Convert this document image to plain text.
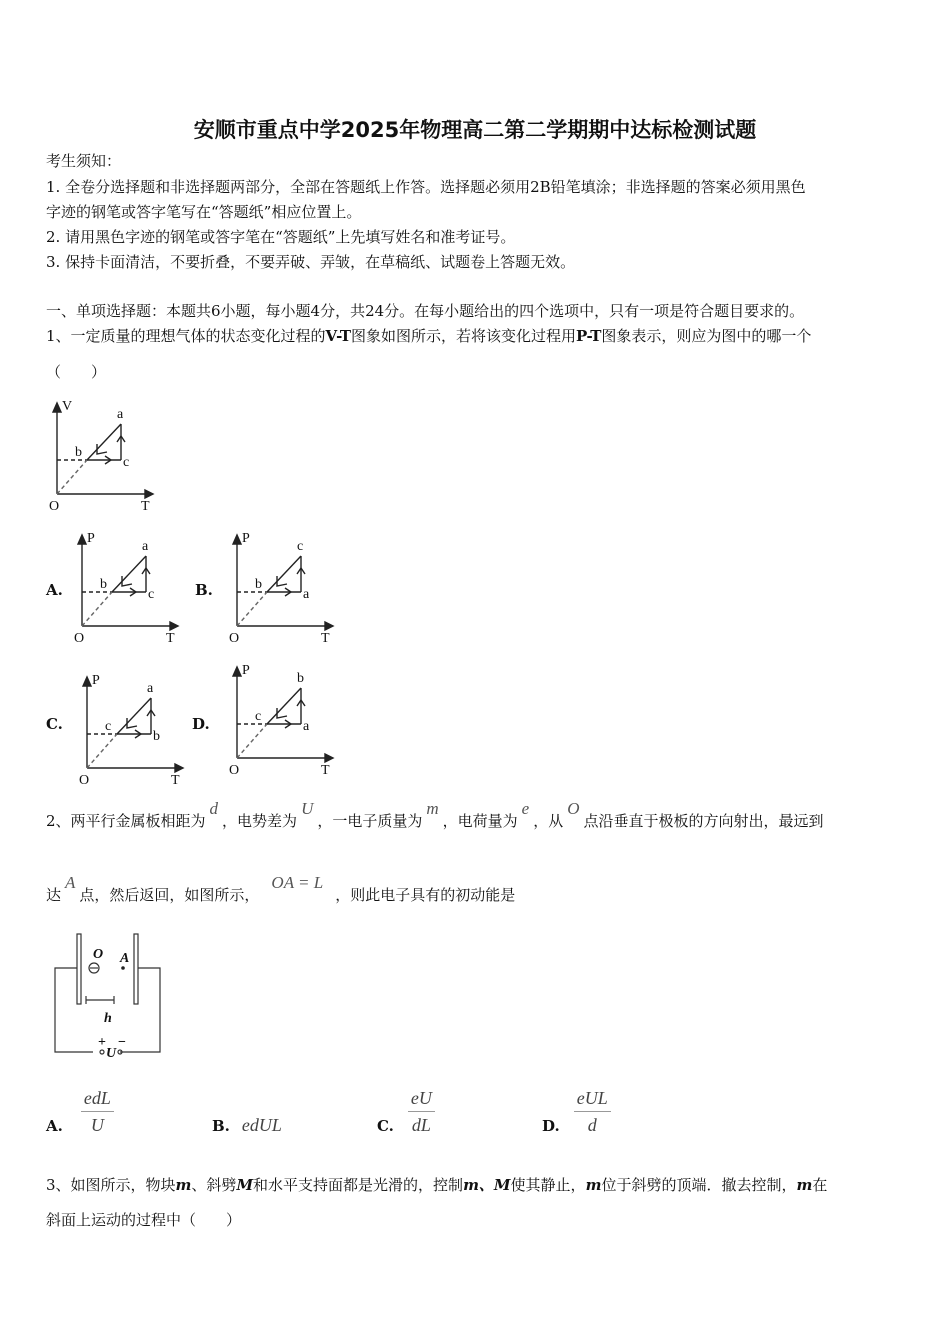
安顺市重点中学2025年物理高二第二学期期中达标检测试题
考生须知：
1. 全卷分选择题和非选择题两部分，全部在答题纸上作答。选择题必须用2B铅笔填涂；非选择题的答案必须用黑色
字迹的钢笔或答字笔写在“答题纸”相应位置上。
2. 请用黑色字迹的钢笔或答字笔在“答题纸”上先填写姓名和准考证号。
3. 保持卡面清洁，不要折叠，不要弄破、弄皱，在草稿纸、试题卷上答题无效。
一、单项选择题：本题共6小题，每小题4分，共24分。在每小题给出的四个选项中，只有一项是符合题目要求的。
1、一定质量的理想气体的状态变化过程的V-T图象如图所示，若将该变化过程用P-T图象表示，则应为图中的哪一个
（　　）
V
T
O
a
b
c
P
T
O
a
b
c
A.
P
T
O
c
b
a
B.
P
T
O
a
c
b
C.
P
T
O
b
c
a
D.
2、两平行金属板相距为d，电势差为U，一电子质量为m，电荷量为e，从O点沿垂直于极板的方向射出，最远到
达A点，然后返回，如图所示，OA = L，则此电子具有的初动能是
O A
h
+ −
U
A. $\frac{\text{edL}}{U}$	B. edUL	C. $\frac{eU}{dL}$	D. $\frac{\text{eUL}}{d}$
3、如图所示，物块m、斜劈M和水平支持面都是光滑的，控制m、M使其静止，m位于斜劈的顶端．撤去控制，m在
斜面上运动的过程中（　　）
